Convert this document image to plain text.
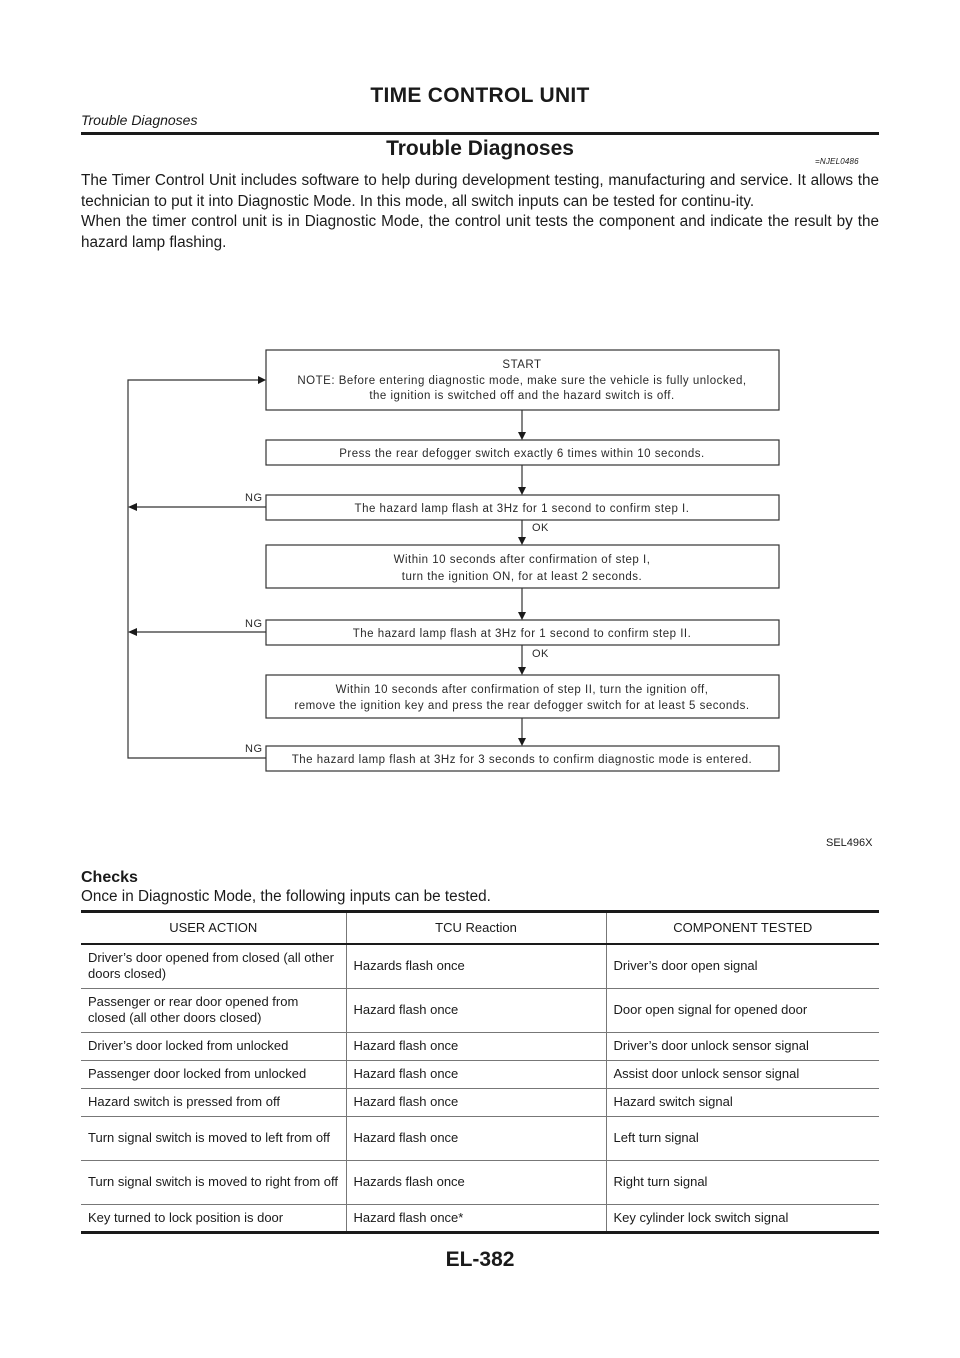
TIME CONTROL UNIT
Trouble Diagnoses
Trouble Diagnoses
=NJEL0486

The Timer Control Unit includes software to help during development testing, manufacturing and service. It allows the technician to put it into Diagnostic Mode. In this mode, all switch inputs can be tested for continu-ity.

When the timer control unit is in Diagnostic Mode, the control unit tests the component and indicate the result by the hazard lamp flashing.

START
NOTE: Before entering diagnostic mode, make sure the vehicle is fully unlocked,
the ignition is switched off and the hazard switch is off.
Press the rear defogger switch exactly 6 times within 10 seconds.
The hazard lamp flash at 3Hz for 1 second to confirm step I.
Within 10 seconds after confirmation of step I,
turn the ignition ON, for at least 2 seconds.
The hazard lamp flash at 3Hz for 1 second to confirm step II.
Within 10 seconds after confirmation of step II, turn the ignition off,
remove the ignition key and press the rear defogger switch for at least 5 seconds.
The hazard lamp flash at 3Hz for 3 seconds to confirm diagnostic mode is entered.
NG
NG
NG
OK
OK
SEL496X
Checks
Once in Diagnostic Mode, the following inputs can be tested.
USER ACTION	TCU Reaction	COMPONENT TESTED
Driver’s door opened from closed (all other doors closed)	Hazards flash once	Driver’s door open signal
Passenger or rear door opened from closed (all other doors closed)	Hazard flash once	Door open signal for opened door
Driver’s door locked from unlocked	Hazard flash once	Driver’s door unlock sensor signal
Passenger door locked from unlocked	Hazard flash once	Assist door unlock sensor signal
Hazard switch is pressed from off	Hazard flash once	Hazard switch signal
Turn signal switch is moved to left from off	Hazard flash once	Left turn signal
Turn signal switch is moved to right from off	Hazards flash once	Right turn signal
Key turned to lock position is door	Hazard flash once*	Key cylinder lock switch signal
EL-382
